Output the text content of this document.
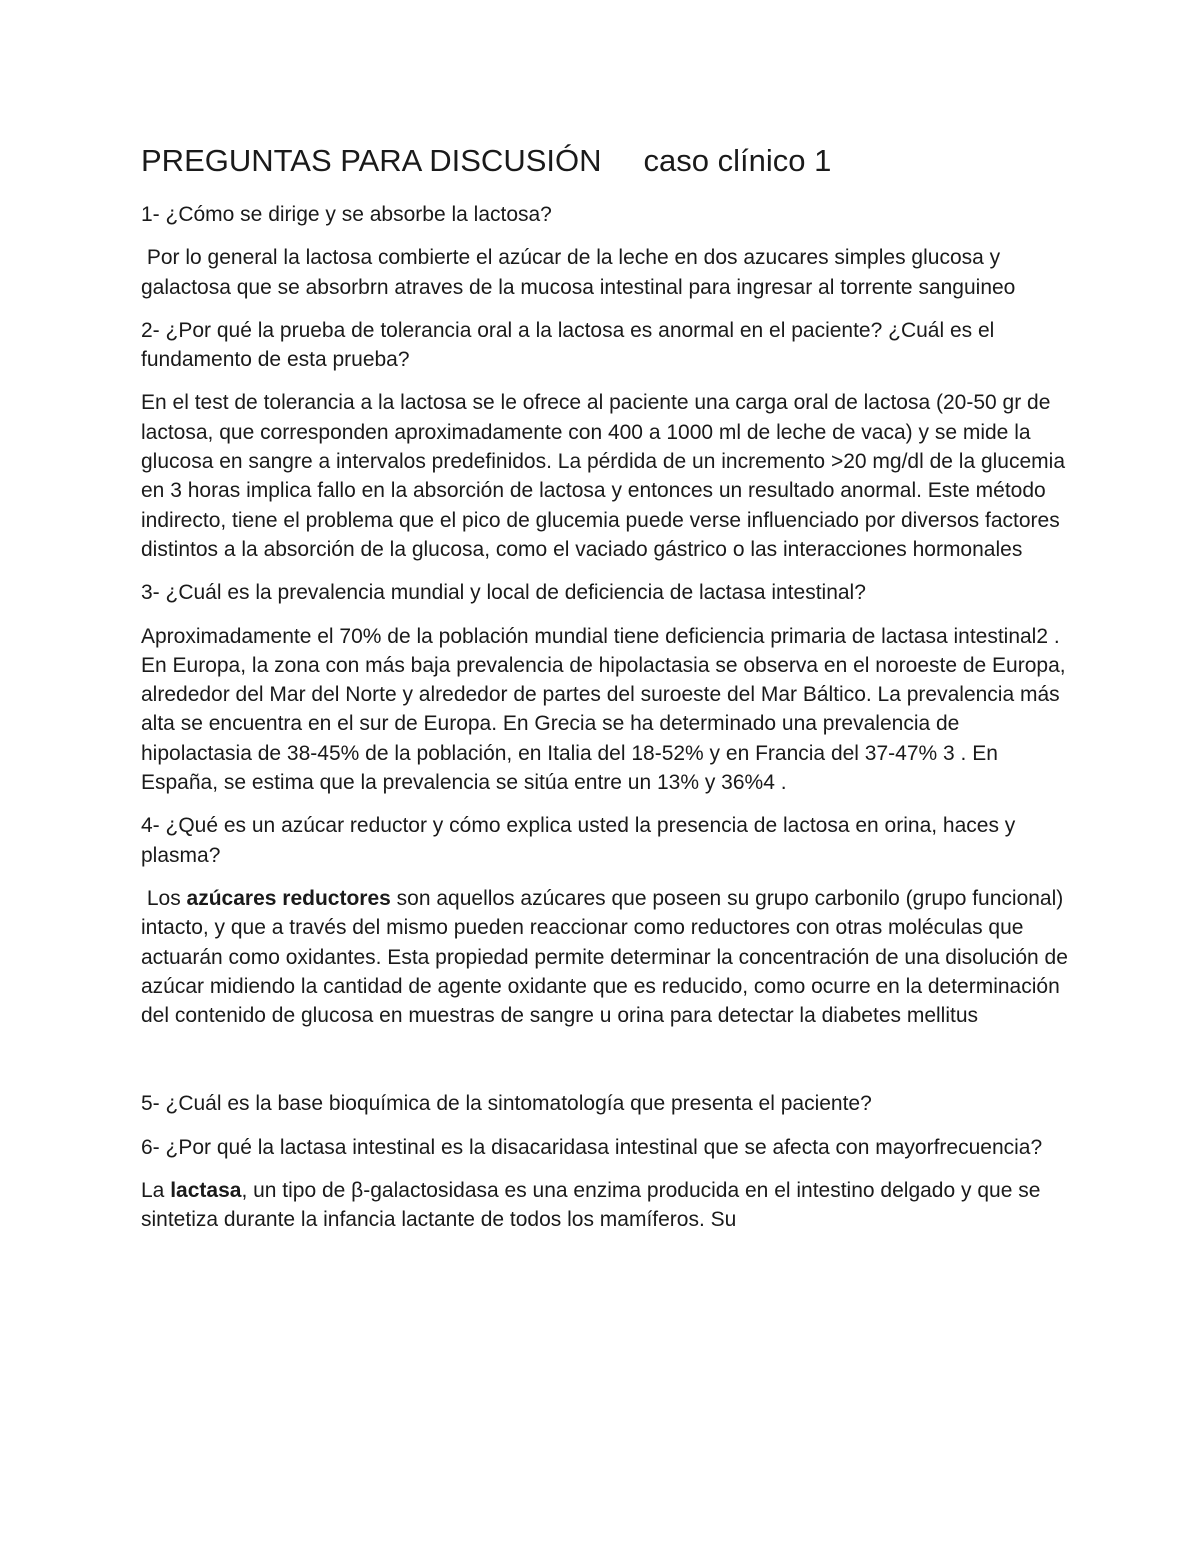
PREGUNTAS PARA DISCUSIÓN caso clínico 1

1- ¿Cómo se dirige y se absorbe la lactosa?

Por lo general la lactosa combierte el azúcar de la leche en dos azucares simples glucosa y galactosa que se absorbrn atraves de la mucosa intestinal para ingresar al torrente sanguineo

2- ¿Por qué la prueba de tolerancia oral a la lactosa es anormal en el paciente? ¿Cuál es el fundamento de esta prueba?

En el test de tolerancia a la lactosa se le ofrece al paciente una carga oral de lactosa (20-50 gr de lactosa, que corresponden aproximadamente con 400 a 1000 ml de leche de vaca) y se mide la glucosa en sangre a intervalos predefinidos. La pérdida de un incremento >20 mg/dl de la glucemia en 3 horas implica fallo en la absorción de lactosa y entonces un resultado anormal. Este método indirecto, tiene el problema que el pico de glucemia puede verse influenciado por diversos factores distintos a la absorción de la glucosa, como el vaciado gástrico o las interacciones hormonales

3- ¿Cuál es la prevalencia mundial y local de deficiencia de lactasa intestinal?

Aproximadamente el 70% de la población mundial tiene deficiencia primaria de lactasa intestinal2 . En Europa, la zona con más baja prevalencia de hipolactasia se observa en el noroeste de Europa, alrededor del Mar del Norte y alrededor de partes del suroeste del Mar Báltico. La prevalencia más alta se encuentra en el sur de Europa. En Grecia se ha determinado una prevalencia de hipolactasia de 38-45% de la población, en Italia del 18-52% y en Francia del 37-47% 3 . En España, se estima que la prevalencia se sitúa entre un 13% y 36%4 .

4- ¿Qué es un azúcar reductor y cómo explica usted la presencia de lactosa en orina, haces y plasma?

Los azúcares reductores son aquellos azúcares que poseen su grupo carbonilo (grupo funcional) intacto, y que a través del mismo pueden reaccionar como reductores con otras moléculas que actuarán como oxidantes. Esta propiedad permite determinar la concentración de una disolución de azúcar midiendo la cantidad de agente oxidante que es reducido, como ocurre en la determinación del contenido de glucosa en muestras de sangre u orina para detectar la diabetes mellitus

5- ¿Cuál es la base bioquímica de la sintomatología que presenta el paciente?

6- ¿Por qué la lactasa intestinal es la disacaridasa intestinal que se afecta con mayorfrecuencia?

La lactasa, un tipo de β-galactosidasa es una enzima producida en el intestino delgado y que se sintetiza durante la infancia lactante de todos los mamíferos. Su
